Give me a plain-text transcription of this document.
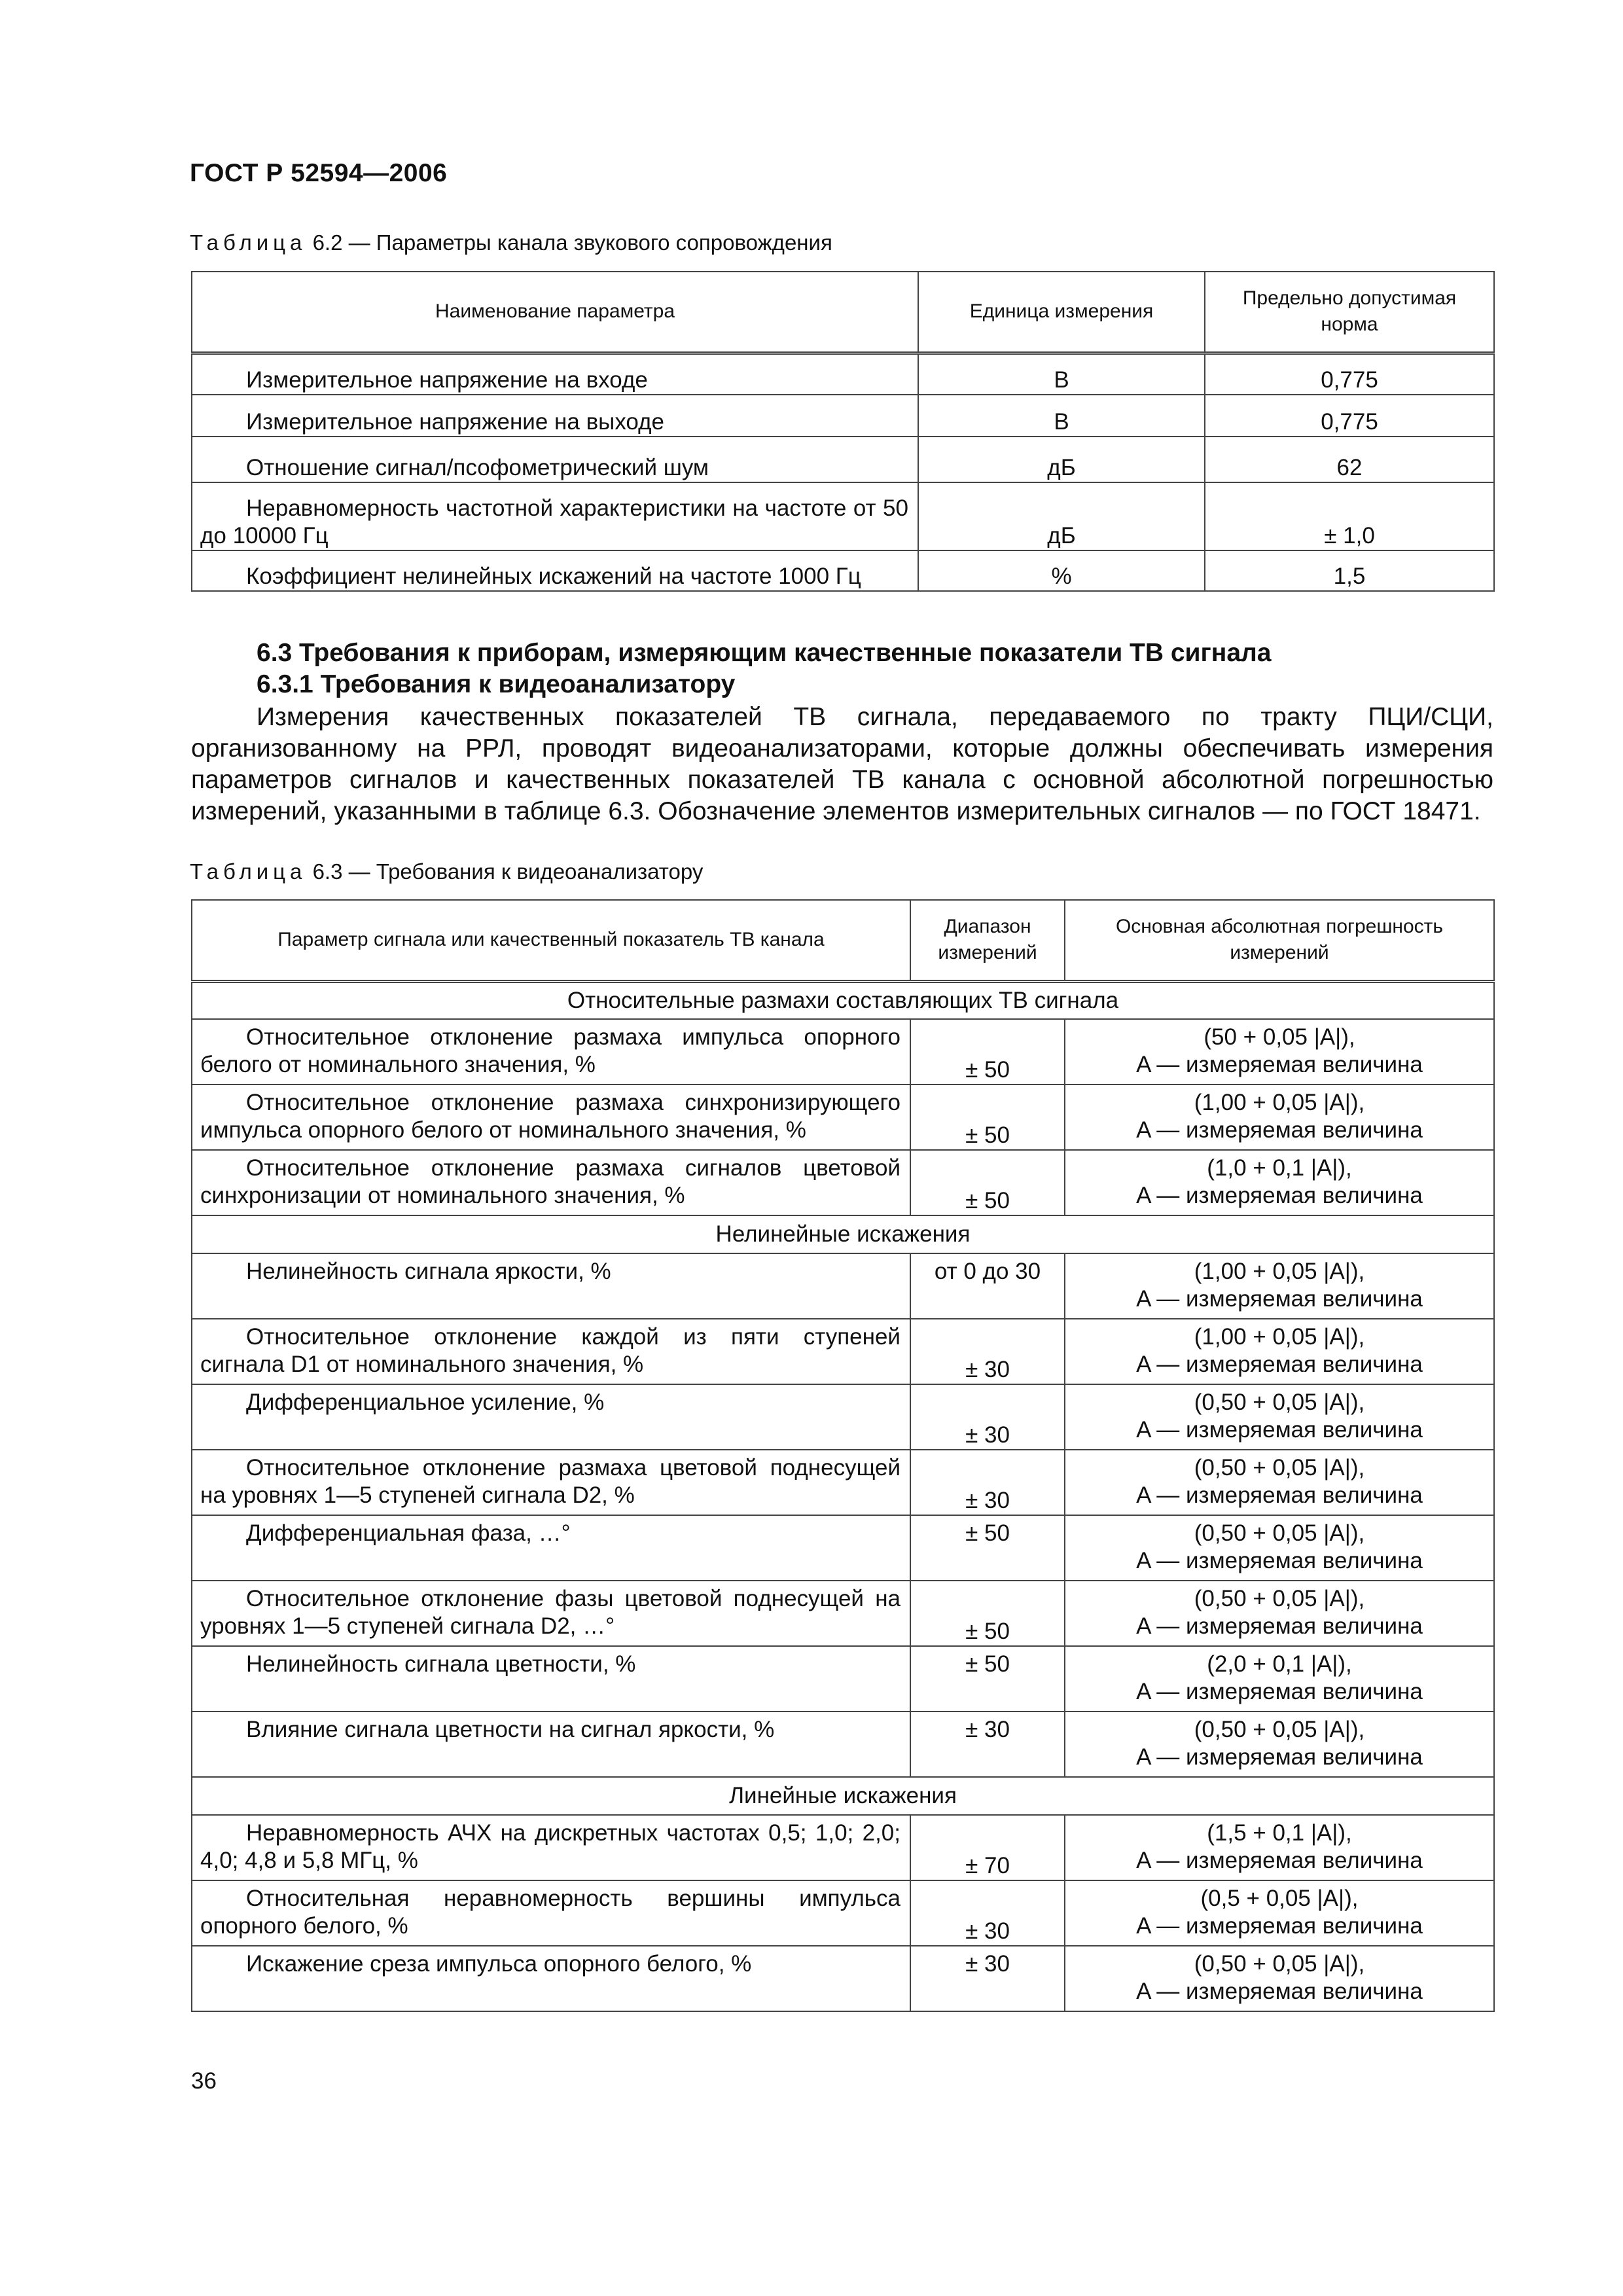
ГОСТ Р 52594—2006
Таблица 6.2 — Параметры канала звукового сопровождения
Наименование параметра	Единица измерения	Предельно допустимая норма
Измерительное напряжение на входе	В	0,775
Измерительное напряжение на выходе	В	0,775
Отношение сигнал/псофометрический шум	дБ	62
Неравномерность частотной характеристики на частоте от 50 до 10000 Гц	дБ	± 1,0
Коэффициент нелинейных искажений на частоте 1000 Гц	%	1,5
6.3 Требования к приборам, измеряющим качественные показатели ТВ сигнала
6.3.1 Требования к видеоанализатору
Измерения качественных показателей ТВ сигнала, передаваемого по тракту ПЦИ/СЦИ, организованному на РРЛ, проводят видеоанализаторами, которые должны обеспечивать измерения параметров сигналов и качественных показателей ТВ канала с основной абсолютной погрешностью измерений, указанными в таблице 6.3. Обозначение элементов измерительных сигналов — по ГОСТ 18471.
Таблица 6.3 — Требования к видеоанализатору
Параметр сигнала или качественный показатель ТВ канала	Диапазон измерений	Основная абсолютная погрешность измерений
Относительные размахи составляющих ТВ сигнала		
Относительное отклонение размаха импульса опорного белого от номинального значения, %	± 50	(50 + 0,05 |A|),
A — измеряемая величина

Относительное отклонение размаха синхронизирующего импульса опорного белого от номинального значения, %	± 50	(1,00 + 0,05 |A|),
A — измеряемая величина

Относительное отклонение размаха сигналов цветовой синхронизации от номинального значения, %	± 50	(1,0 + 0,1 |A|),
A — измеряемая величина

Нелинейные искажения		
Нелинейность сигнала яркости, %	от 0 до 30	(1,00 + 0,05 |A|),
A — измеряемая величина

Относительное отклонение каждой из пяти ступеней сигнала D1 от номинального значения, %	± 30	(1,00 + 0,05 |A|),
A — измеряемая величина

Дифференциальное усиление, %	± 30	(0,50 + 0,05 |A|),
A — измеряемая величина

Относительное отклонение размаха цветовой поднесущей на уровнях 1—5 ступеней сигнала D2, %	± 30	(0,50 + 0,05 |A|),
A — измеряемая величина

Дифференциальная фаза, …°	± 50	(0,50 + 0,05 |A|),
A — измеряемая величина

Относительное отклонение фазы цветовой поднесущей на уровнях 1—5 ступеней сигнала D2, …°	± 50	(0,50 + 0,05 |A|),
A — измеряемая величина

Нелинейность сигнала цветности, %	± 50	(2,0 + 0,1 |A|),
A — измеряемая величина

Влияние сигнала цветности на сигнал яркости, %	± 30	(0,50 + 0,05 |A|),
A — измеряемая величина

Линейные искажения		
Неравномерность АЧХ на дискретных частотах 0,5; 1,0; 2,0; 4,0; 4,8 и 5,8 МГц, %	± 70	(1,5 + 0,1 |A|),
A — измеряемая величина

Относительная неравномерность вершины импульса опорного белого, %	± 30	(0,5 + 0,05 |A|),
A — измеряемая величина

Искажение среза импульса опорного белого, %	± 30	(0,50 + 0,05 |A|),
A — измеряемая величина
36
